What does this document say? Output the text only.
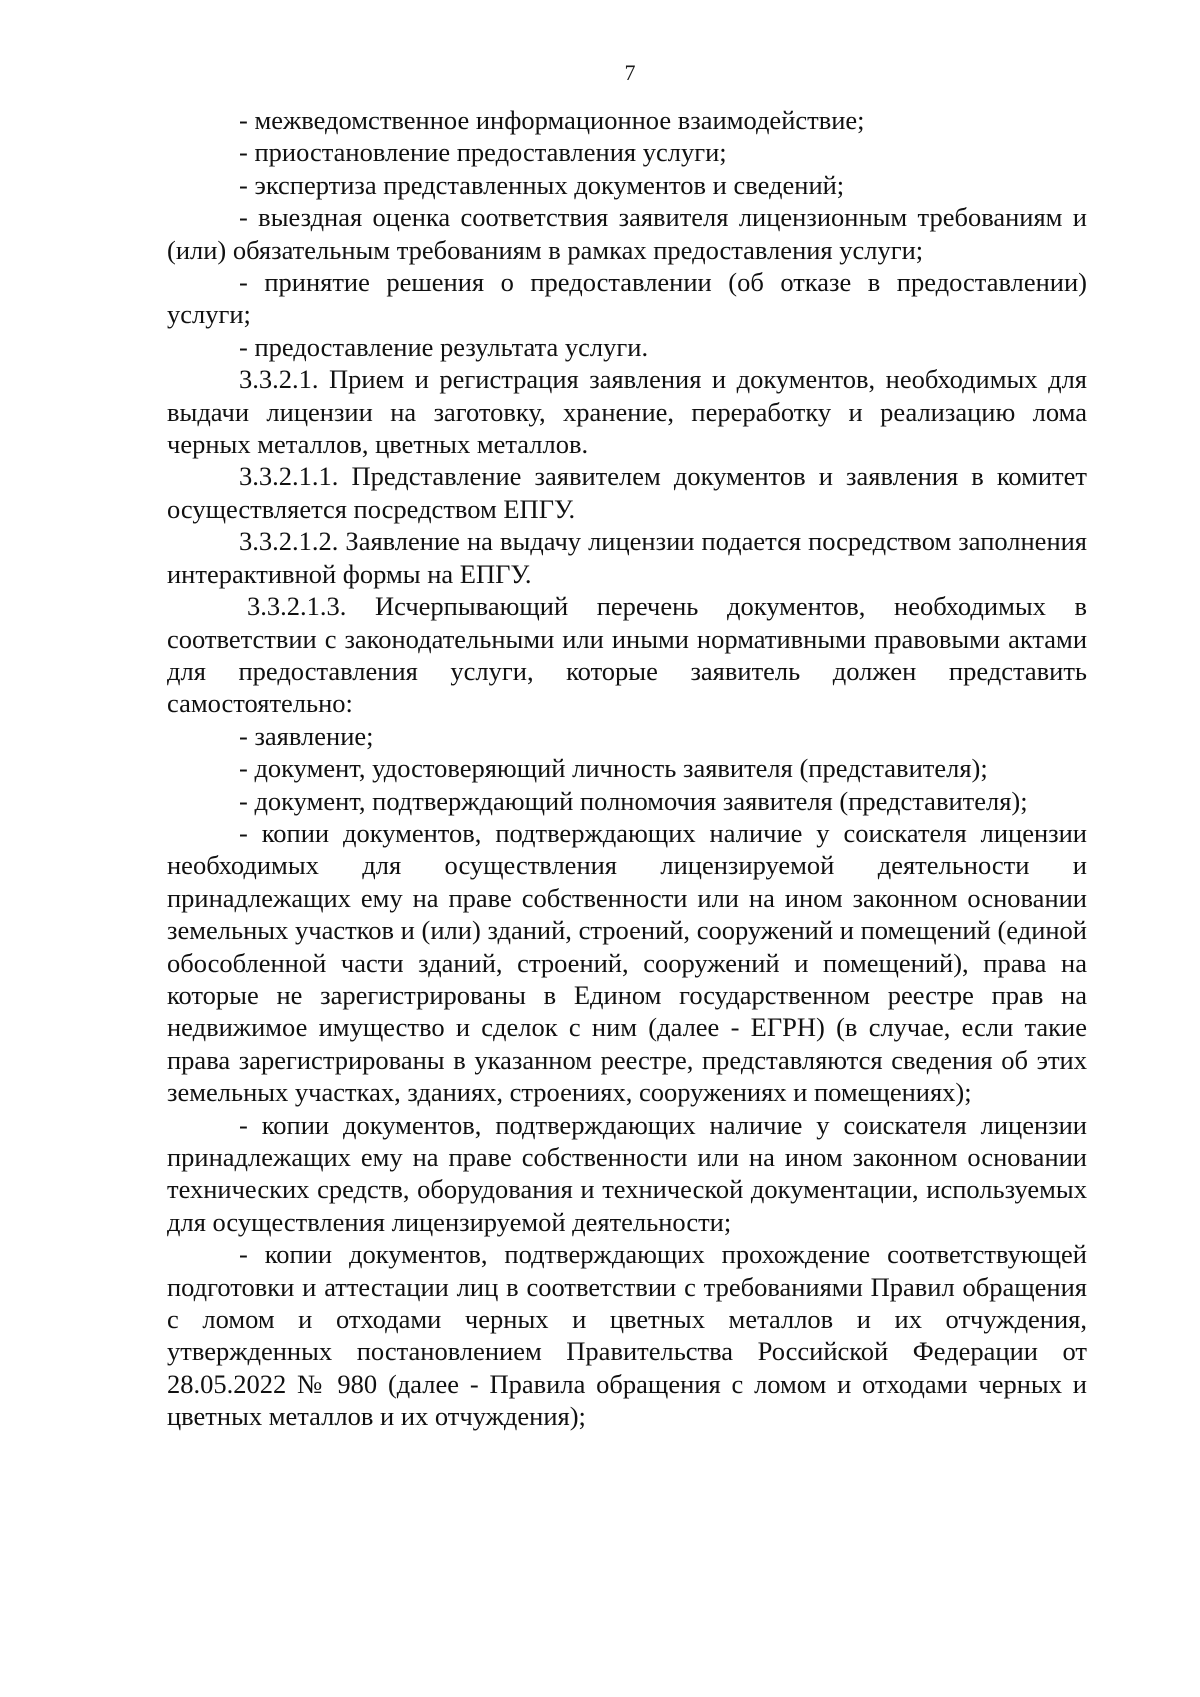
7

- межведомственное информационное взаимодействие;

- приостановление предоставления услуги;

- экспертиза представленных документов и сведений;

- выездная оценка соответствия заявителя лицензионным требованиям и (или) обязательным требованиям в рамках предоставления услуги;

- принятие решения о предоставлении (об отказе в предоставлении) услуги;

- предоставление результата услуги.

3.3.2.1. Прием и регистрация заявления и документов, необходимых для выдачи лицензии на заготовку, хранение, переработку и реализацию лома черных металлов, цветных металлов.

3.3.2.1.1. Представление заявителем документов и заявления в комитет осуществляется посредством ЕПГУ.

3.3.2.1.2. Заявление на выдачу лицензии подается посредством заполнения интерактивной формы на ЕПГУ.

3.3.2.1.3. Исчерпывающий перечень документов, необходимых в соответствии с законодательными или иными нормативными правовыми актами для предоставления услуги, которые заявитель должен представить самостоятельно:

- заявление;

- документ, удостоверяющий личность заявителя (представителя);

- документ, подтверждающий полномочия заявителя (представителя);

- копии документов, подтверждающих наличие у соискателя лицензии необходимых для осуществления лицензируемой деятельности и принадлежащих ему на праве собственности или на ином законном основании земельных участков и (или) зданий, строений, сооружений и помещений (единой обособленной части зданий, строений, сооружений и помещений), права на которые не зарегистрированы в Едином государственном реестре прав на недвижимое имущество и сделок с ним (далее - ЕГРН) (в случае, если такие права зарегистрированы в указанном реестре, представляются сведения об этих земельных участках, зданиях, строениях, сооружениях и помещениях);

- копии документов, подтверждающих наличие у соискателя лицензии принадлежащих ему на праве собственности или на ином законном основании технических средств, оборудования и технической документации, используемых для осуществления лицензируемой деятельности;

- копии документов, подтверждающих прохождение соответствующей подготовки и аттестации лиц в соответствии с требованиями Правил обращения с ломом и отходами черных и цветных металлов и их отчуждения, утвержденных постановлением Правительства Российской Федерации от 28.05.2022 № 980 (далее - Правила обращения с ломом и отходами черных и цветных металлов и их отчуждения);
